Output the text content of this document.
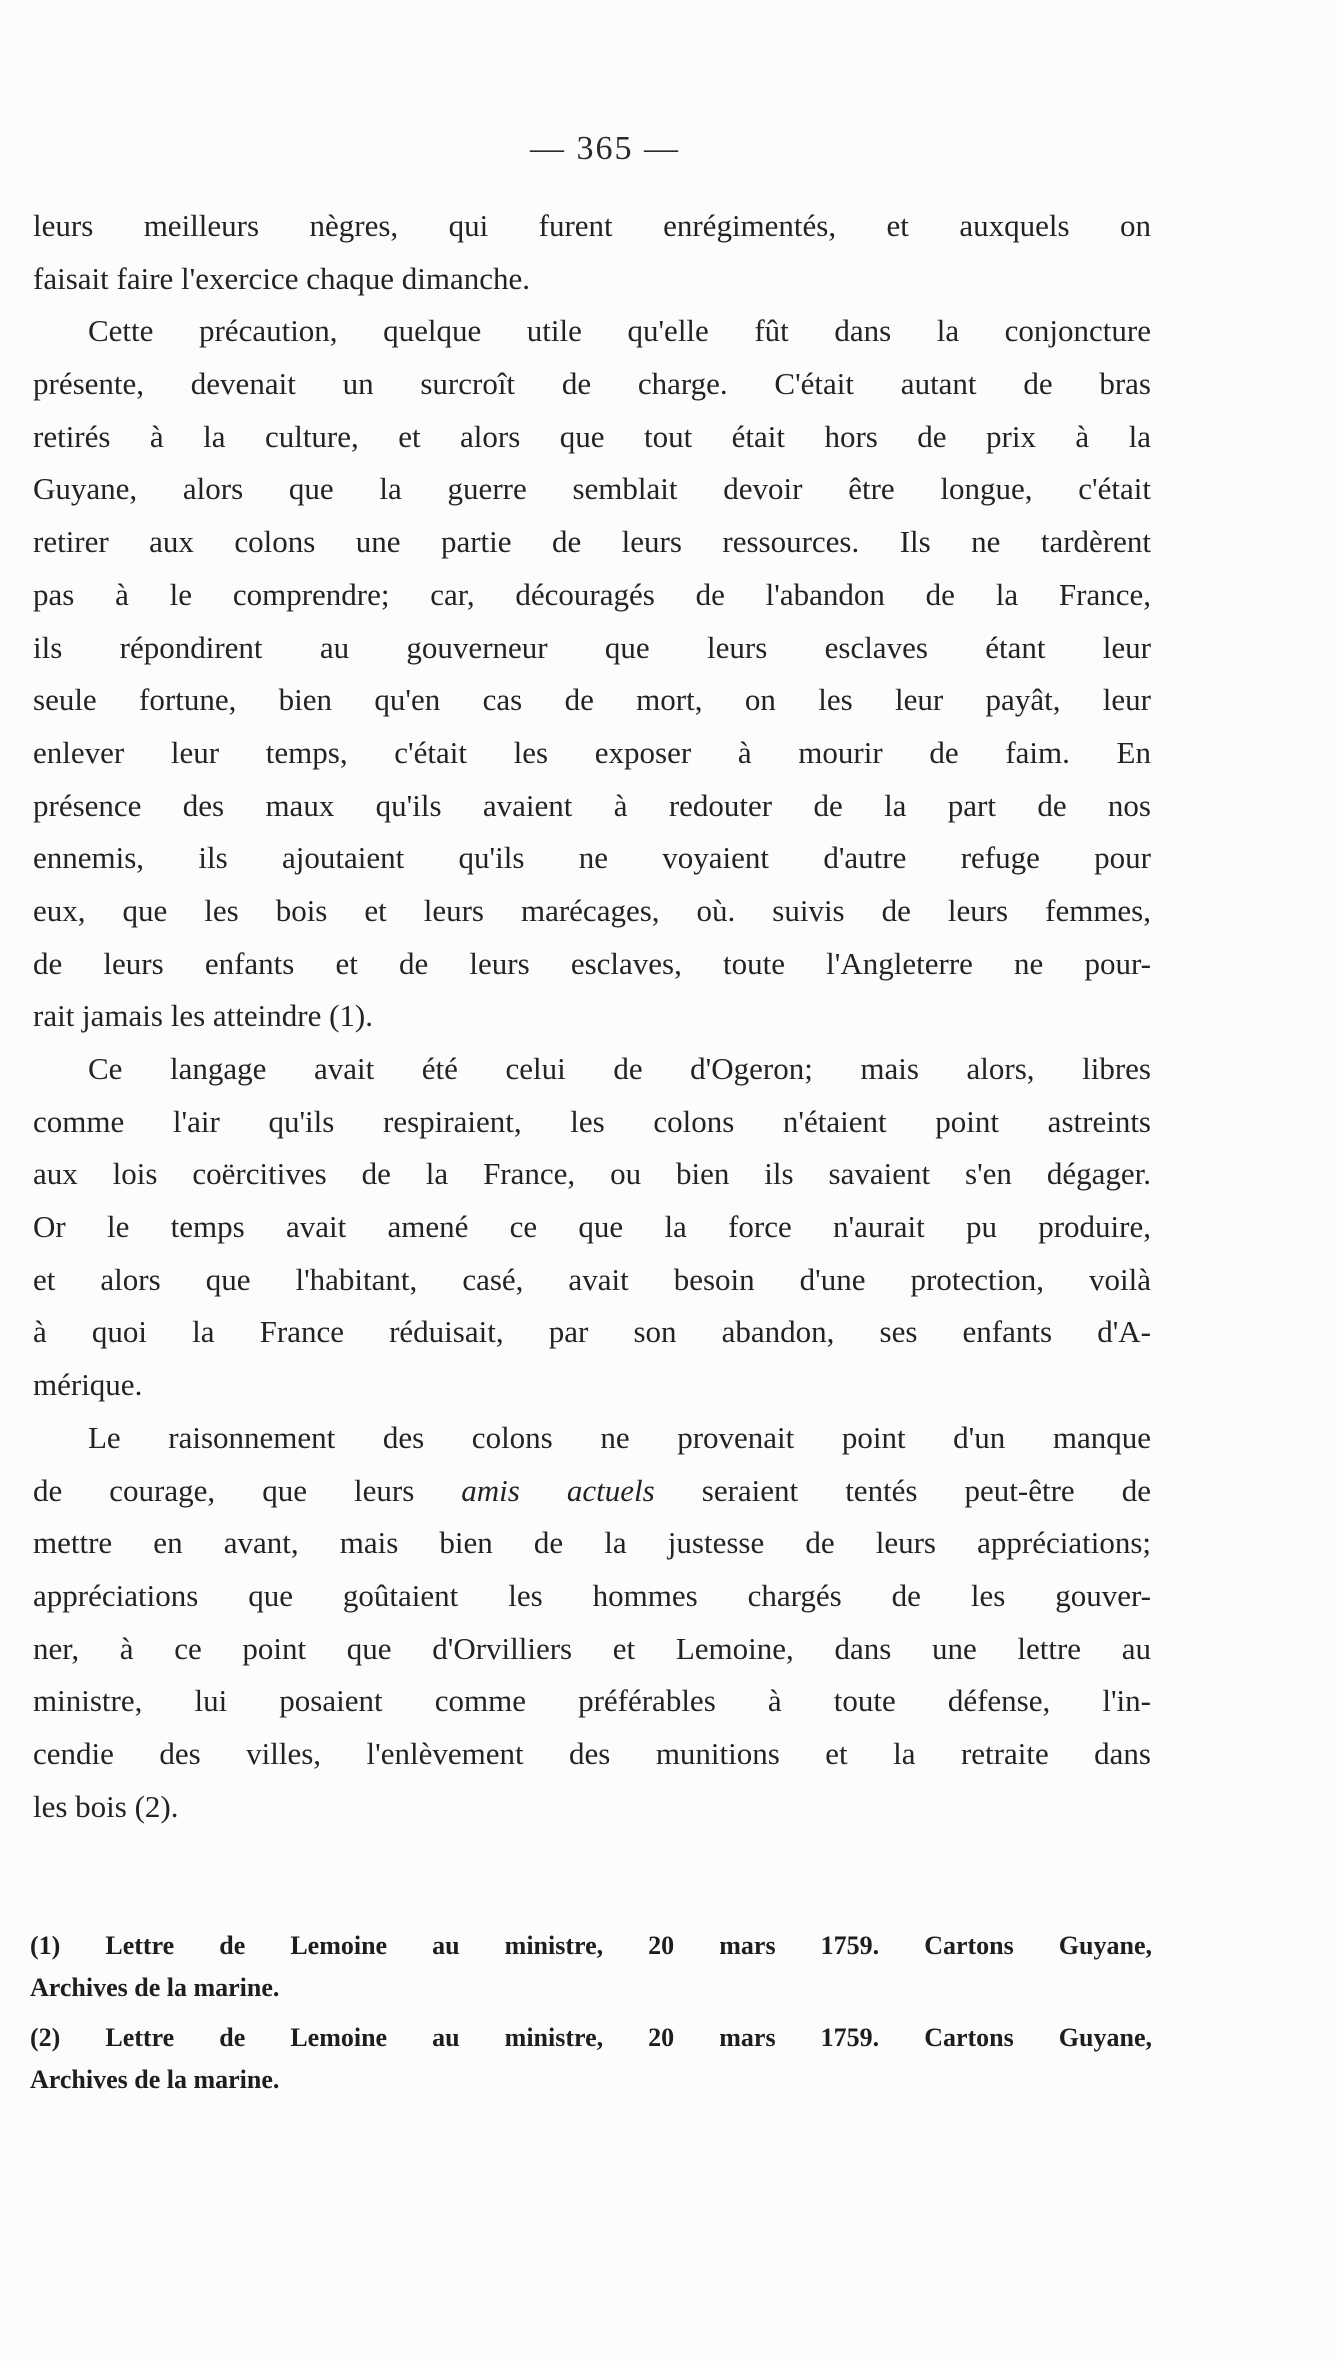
— 365 —
leurs meilleurs nègres, qui furent enrégimentés, et auxquels on
faisait faire l'exercice chaque dimanche.
Cette précaution, quelque utile qu'elle fût dans la conjoncture
présente, devenait un surcroît de charge. C'était autant de bras
retirés à la culture, et alors que tout était hors de prix à la
Guyane, alors que la guerre semblait devoir être longue, c'était
retirer aux colons une partie de leurs ressources. Ils ne tardèrent
pas à le comprendre; car, découragés de l'abandon de la France,
ils répondirent au gouverneur que leurs esclaves étant leur
seule fortune, bien qu'en cas de mort, on les leur payât, leur
enlever leur temps, c'était les exposer à mourir de faim. En
présence des maux qu'ils avaient à redouter de la part de nos
ennemis, ils ajoutaient qu'ils ne voyaient d'autre refuge pour
eux, que les bois et leurs marécages, où. suivis de leurs femmes,
de leurs enfants et de leurs esclaves, toute l'Angleterre ne pour-
rait jamais les atteindre (1).
Ce langage avait été celui de d'Ogeron; mais alors, libres
comme l'air qu'ils respiraient, les colons n'étaient point astreints
aux lois coërcitives de la France, ou bien ils savaient s'en dégager.
Or le temps avait amené ce que la force n'aurait pu produire,
et alors que l'habitant, casé, avait besoin d'une protection, voilà
à quoi la France réduisait, par son abandon, ses enfants d'A-
mérique.
Le raisonnement des colons ne provenait point d'un manque
de courage, que leurs amis actuels seraient tentés peut-être de
mettre en avant, mais bien de la justesse de leurs appréciations;
appréciations que goûtaient les hommes chargés de les gouver-
ner, à ce point que d'Orvilliers et Lemoine, dans une lettre au
ministre, lui posaient comme préférables à toute défense, l'in-
cendie des villes, l'enlèvement des munitions et la retraite dans
les bois (2).
(1) Lettre de Lemoine au ministre, 20 mars 1759. Cartons Guyane,
Archives de la marine.
(2) Lettre de Lemoine au ministre, 20 mars 1759. Cartons Guyane,
Archives de la marine.
